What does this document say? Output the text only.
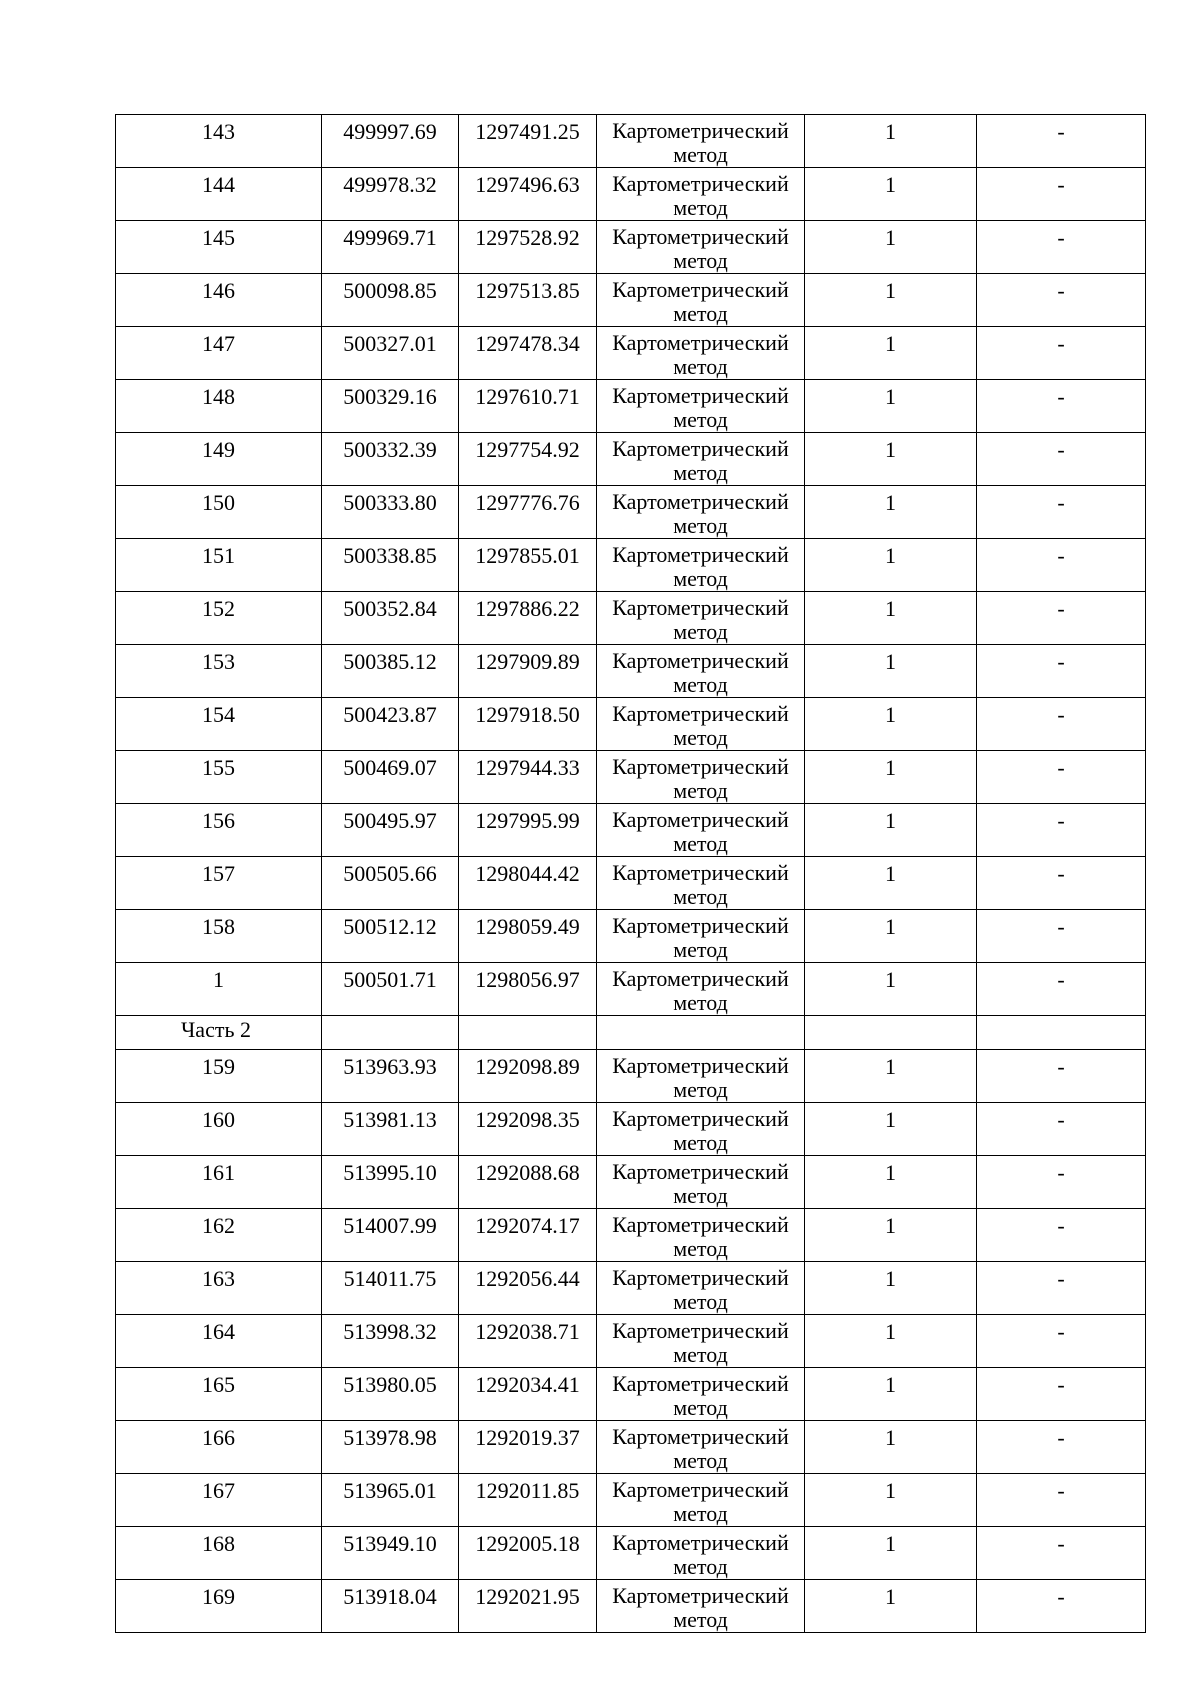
143	499997.69	1297491.25	Картометрический метод	1	-

144	499978.32	1297496.63	Картометрический метод	1	-

145	499969.71	1297528.92	Картометрический метод	1	-

146	500098.85	1297513.85	Картометрический метод	1	-

147	500327.01	1297478.34	Картометрический метод	1	-

148	500329.16	1297610.71	Картометрический метод	1	-

149	500332.39	1297754.92	Картометрический метод	1	-

150	500333.80	1297776.76	Картометрический метод	1	-

151	500338.85	1297855.01	Картометрический метод	1	-

152	500352.84	1297886.22	Картометрический метод	1	-

153	500385.12	1297909.89	Картометрический метод	1	-

154	500423.87	1297918.50	Картометрический метод	1	-

155	500469.07	1297944.33	Картометрический метод	1	-

156	500495.97	1297995.99	Картометрический метод	1	-

157	500505.66	1298044.42	Картометрический метод	1	-

158	500512.12	1298059.49	Картометрический метод	1	-

1	500501.71	1298056.97	Картометрический метод	1	-

Часть 2					

159	513963.93	1292098.89	Картометрический метод	1	-

160	513981.13	1292098.35	Картометрический метод	1	-

161	513995.10	1292088.68	Картометрический метод	1	-

162	514007.99	1292074.17	Картометрический метод	1	-

163	514011.75	1292056.44	Картометрический метод	1	-

164	513998.32	1292038.71	Картометрический метод	1	-

165	513980.05	1292034.41	Картометрический метод	1	-

166	513978.98	1292019.37	Картометрический метод	1	-

167	513965.01	1292011.85	Картометрический метод	1	-

168	513949.10	1292005.18	Картометрический метод	1	-

169	513918.04	1292021.95	Картометрический метод	1	-
